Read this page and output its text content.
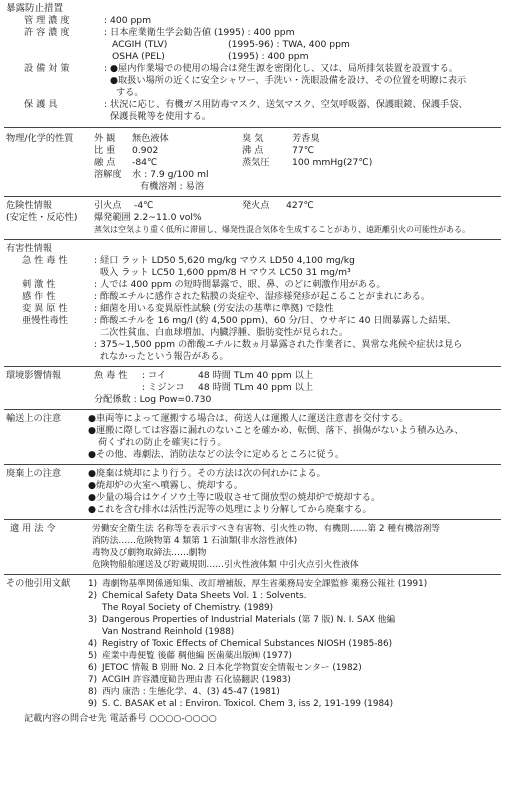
暴露防止措置
管 理 濃 度	: 400 ppm
許 容 濃 度	: 日本産業衛生学会勧告値 (1995) : 400 ppm
ACGIH (TLV)	(1995-96) : TWA, 400 ppm
OSHA (PEL)	(1995) : 400 ppm
設 備 対 策	: ●屋内作業場での使用の場合は発生源を密閉化し、又は、局所排気装置を設置する。
●取扱い場所の近くに安全シャワー、手洗い・洗眼設備を設け、その位置を明瞭に表示
する。
保 護 具	: 状況に応じ、有機ガス用防毒マスク、送気マスク、空気呼吸器、保護眼鏡、保護手袋、
保護長靴等を使用する。
物理/化学的性質	外 観	無色液体	臭 気	芳香臭
比 重	0.902	沸 点	77℃
融 点	-84℃	蒸気圧	100 mmHg(27℃)
溶解度	水 : 7.9 g/100 ml
有機溶剤 : 易溶
危険性情報
(安定性・反応性)
引火点	-4℃	発火点	427℃
爆発範囲 2.2~11.0 vol%
蒸気は空気より重く低所に滞留し、爆発性混合気体を生成することがあり、遠距離引火の可能性がある。
有害性情報
急 性 毒 性	: 経口 ラット LD50 5,620 mg/kg マウス LD50 4,100 mg/kg
吸入 ラット LC50 1,600 ppm/8 H マウス LC50 31 mg/m³
刺 激 性	: 人では 400 ppm の短時間暴露で、眼、鼻、のどに刺激作用がある。
感 作 性	: 酢酸エチルに感作された粘膜の炎症や、湿疹様発疹が起こることがまれにある。
変 異 原 性	: 細菌を用いる変異原性試験 (労安法の基準に準拠) で陰性
亜慢性毒性	: 酢酸エチルを 16 mg/l (約 4,500 ppm)、60 分/日、ウサギに 40 日間暴露した結果、
二次性貧血、白血球増加、内臓浮腫、脂肪変性が見られた。
: 375~1,500 ppm の酢酸エチルに数ヵ月暴露された作業者に、異常な兆候や症状は見ら
れなかったという報告がある。
環境影響情報	魚 毒 性	: コイ	48 時間 TLm 40 ppm 以上
: ミジンコ	48 時間 TLm 40 ppm 以上
分配係数 : Log Pow=0.730
輸送上の注意	●車両等によって運搬する場合は、荷送人は運搬人に運送注意書を交付する。
●運搬に際しては容器に漏れのないことを確かめ、転倒、落下、損傷がないよう積み込み、
荷くずれの防止を確実に行う。
●その他、毒劇法、消防法などの法令に定めるところに従う。
廃棄上の注意	●廃棄は焼却により行う。その方法は次の何れかによる。
●焼却炉の火室へ噴霧し、焼却する。
●少量の場合はケイソウ土等に吸収させて開放型の焼却炉で焼却する。
●これを含む排水は活性汚泥等の処理により分解してから廃棄する。
適 用 法 令	労働安全衛生法 名称等を表示すべき有害物、引火性の物、有機則……第 2 種有機溶剤等
消防法……危険物第 4 類第 1 石油類(非水溶性液体)
毒物及び劇物取締法……劇物
危険物船舶運送及び貯蔵規則……引火性液体類 中引火点引火性液体
その他引用文献	1) 毒劇物基準関係通知集、改訂増補版、厚生省薬務局安全課監修 薬務公報社 (1991)
2) Chemical Safety Data Sheets Vol. 1 : Solvents.
The Royal Society of Chemistry. (1989)
3) Dangerous Properties of Industrial Materials (第 7 版) N. I. SAX 他編
Van Nostrand Reinhold (1988)
4) Registry of Toxic Effects of Chemical Substances NIOSH (1985-86)
5) 産業中毒便覧 後藤 稠他編 医歯薬出版㈱ (1977)
6) JETOC 情報 B 別冊 No. 2 日本化学物質安全情報センター (1982)
7) ACGIH 許容濃度勧告理由書 石化協翻訳 (1983)
8) 西内 康浩 : 生態化学、4、(3) 45-47 (1981)
9) S. C. BASAK et al : Environ. Toxicol. Chem 3, iss 2, 191-199 (1984)
記載内容の問合せ先 電話番号 ○○○○-○○○○
